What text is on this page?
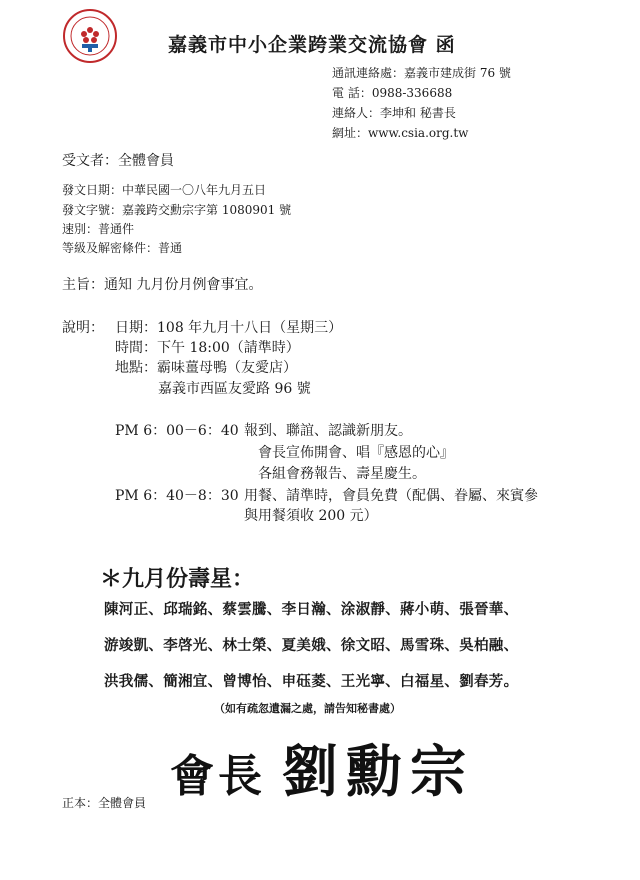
嘉義市中小企業跨業交流協會 函
通訊連絡處：嘉義市建成街 76 號
電 話：0988-336688
連絡人：李坤和 秘書長
網址：www.csia.org.tw
受文者：全體會員
發文日期：中華民國一〇八年九月五日
發文字號：嘉義跨交勳宗字第 1080901 號
速別：普通件
等級及解密條件：普通
主旨：通知 九月份月例會事宜。
說明： 日期：108 年九月十八日（星期三）
時間：下午 18:00（請準時）
地點：霸味薑母鴨（友愛店）
嘉義市西區友愛路 96 號
PM 6：00－6：40 報到、聯誼、認識新朋友。
會長宣佈開會、唱『感恩的心』
各組會務報告、壽星慶生。
PM 6：40－8：30 用餐、請準時，會員免費（配偶、眷屬、來賓參
與用餐須收 200 元）
＊九月份壽星：
陳河正、邱瑞銘、蔡雲騰、李日瀚、涂淑靜、蔣小萌、張晉華、
游竣凱、李啓光、林士榮、夏美娥、徐文昭、馬雪珠、吳柏融、
洪我儒、簡湘宜、曾博怡、申砡菱、王光寧、白福星、劉春芳。
（如有疏忽遺漏之處，請告知秘書處）
會長 劉勳宗
正本：全體會員
